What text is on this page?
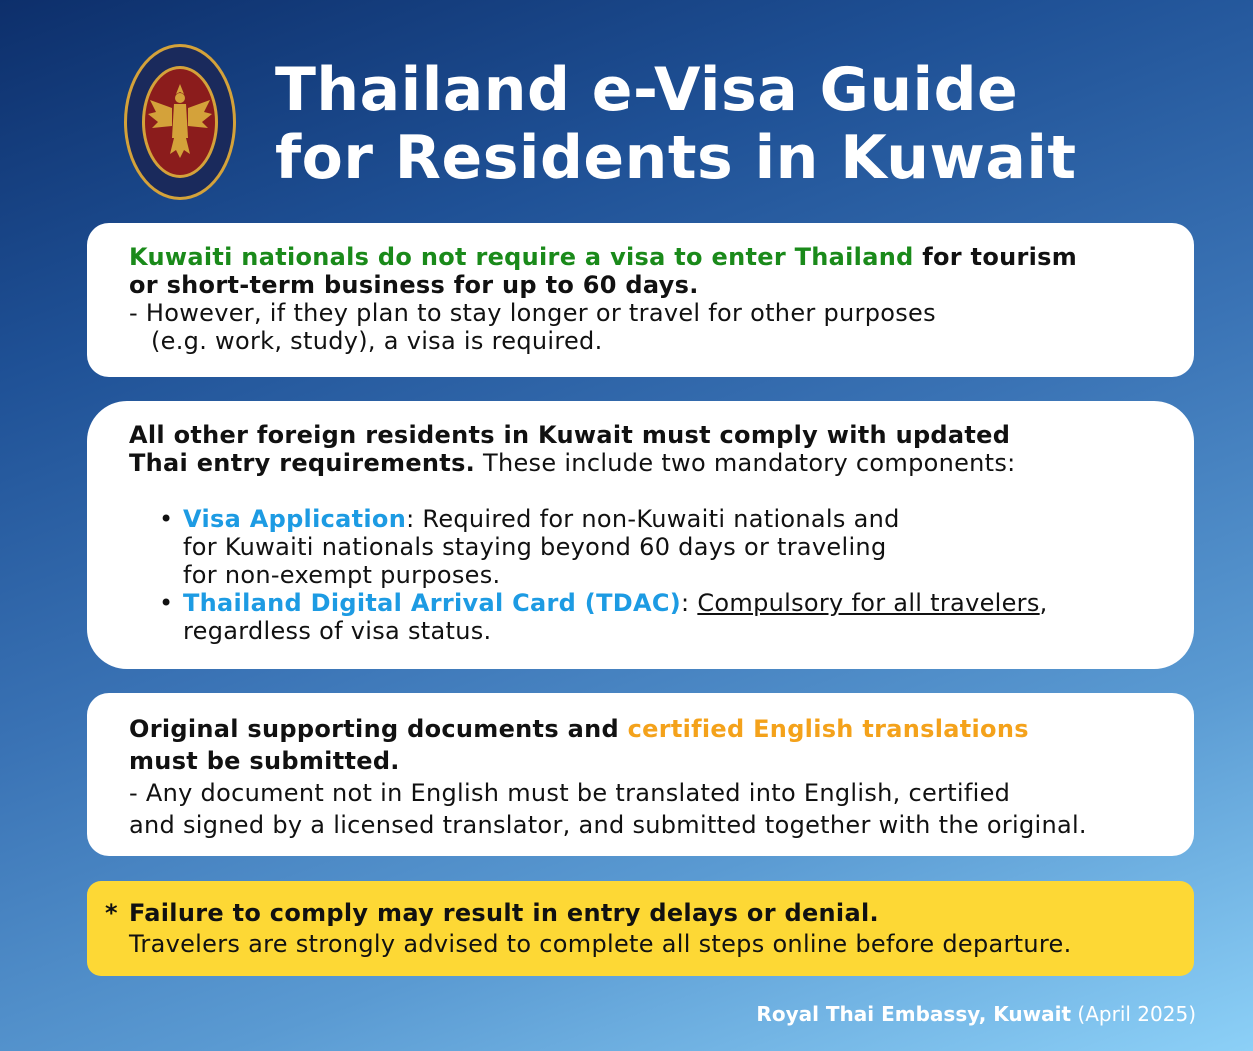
Thailand e-Visa Guide
for Residents in Kuwait
Kuwaiti nationals do not require a visa to enter Thailand for tourism
or short-term business for up to 60 days.
- However, if they plan to stay longer or travel for other purposes
(e.g. work, study), a visa is required.
All other foreign residents in Kuwait must comply with updated
Thai entry requirements. These include two mandatory components:
• Visa Application: Required for non-Kuwaiti nationals and
for Kuwaiti nationals staying beyond 60 days or traveling
for non-exempt purposes.
• Thailand Digital Arrival Card (TDAC): Compulsory for all travelers,
regardless of visa status.
Original supporting documents and certified English translations
must be submitted.
- Any document not in English must be translated into English, certified
and signed by a licensed translator, and submitted together with the original.
* Failure to comply may result in entry delays or denial.
Travelers are strongly advised to complete all steps online before departure.
Royal Thai Embassy, Kuwait (April 2025)
